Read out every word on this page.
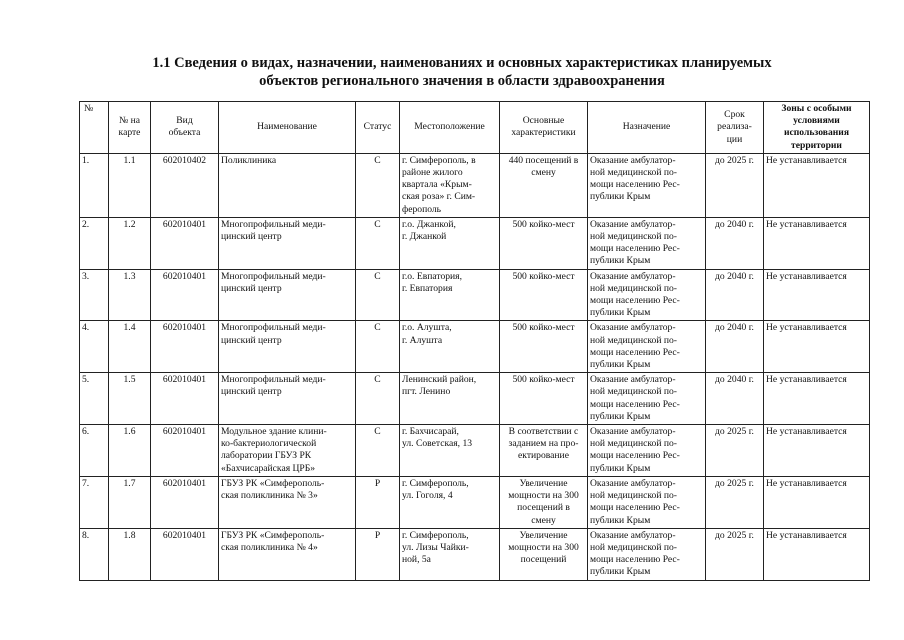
1.1 Сведения о видах, назначении, наименованиях и основных характеристиках планируемых
объектов регионального значения в области здравоохранения
№	№ на
карте	Вид
объекта	Наименование	Статус	Местоположение	Основные
характеристики	Назначение	Срок
реализа-
ции	Зоны с особыми
условиями
использования
территории
1.	1.1	602010402	Поликлиника	С	г. Симферополь, в
районе жилого
квартала «Крым-
ская роза» г. Сим-
ферополь	440 посещений в
смену	Оказание амбулатор-
ной медицинской по-
мощи населению Рес-
публики Крым	до 2025 г.	Не устанавливается
2.	1.2	602010401	Многопрофильный меди-
цинский центр	С	г.о. Джанкой,
г. Джанкой	500 койко-мест	Оказание амбулатор-
ной медицинской по-
мощи населению Рес-
публики Крым	до 2040 г.	Не устанавливается
3.	1.3	602010401	Многопрофильный меди-
цинский центр	С	г.о. Евпатория,
г. Евпатория	500 койко-мест	Оказание амбулатор-
ной медицинской по-
мощи населению Рес-
публики Крым	до 2040 г.	Не устанавливается
4.	1.4	602010401	Многопрофильный меди-
цинский центр	С	г.о. Алушта,
г. Алушта	500 койко-мест	Оказание амбулатор-
ной медицинской по-
мощи населению Рес-
публики Крым	до 2040 г.	Не устанавливается
5.	1.5	602010401	Многопрофильный меди-
цинский центр	С	Ленинский район,
пгт. Ленино	500 койко-мест	Оказание амбулатор-
ной медицинской по-
мощи населению Рес-
публики Крым	до 2040 г.	Не устанавливается
6.	1.6	602010401	Модульное здание клини-
ко-бактериологической
лаборатории ГБУЗ РК
«Бахчисарайская ЦРБ»	С	г. Бахчисарай,
ул. Советская, 13	В соответствии с
заданием на про-
ектирование	Оказание амбулатор-
ной медицинской по-
мощи населению Рес-
публики Крым	до 2025 г.	Не устанавливается
7.	1.7	602010401	ГБУЗ РК «Симферополь-
ская поликлиника № 3»	Р	г. Симферополь,
ул. Гоголя, 4	Увеличение
мощности на 300
посещений в
смену	Оказание амбулатор-
ной медицинской по-
мощи населению Рес-
публики Крым	до 2025 г.	Не устанавливается
8.	1.8	602010401	ГБУЗ РК «Симферополь-
ская поликлиника № 4»	Р	г. Симферополь,
ул. Лизы Чайки-
ной, 5а	Увеличение
мощности на 300
посещений	Оказание амбулатор-
ной медицинской по-
мощи населению Рес-
публики Крым	до 2025 г.	Не устанавливается
